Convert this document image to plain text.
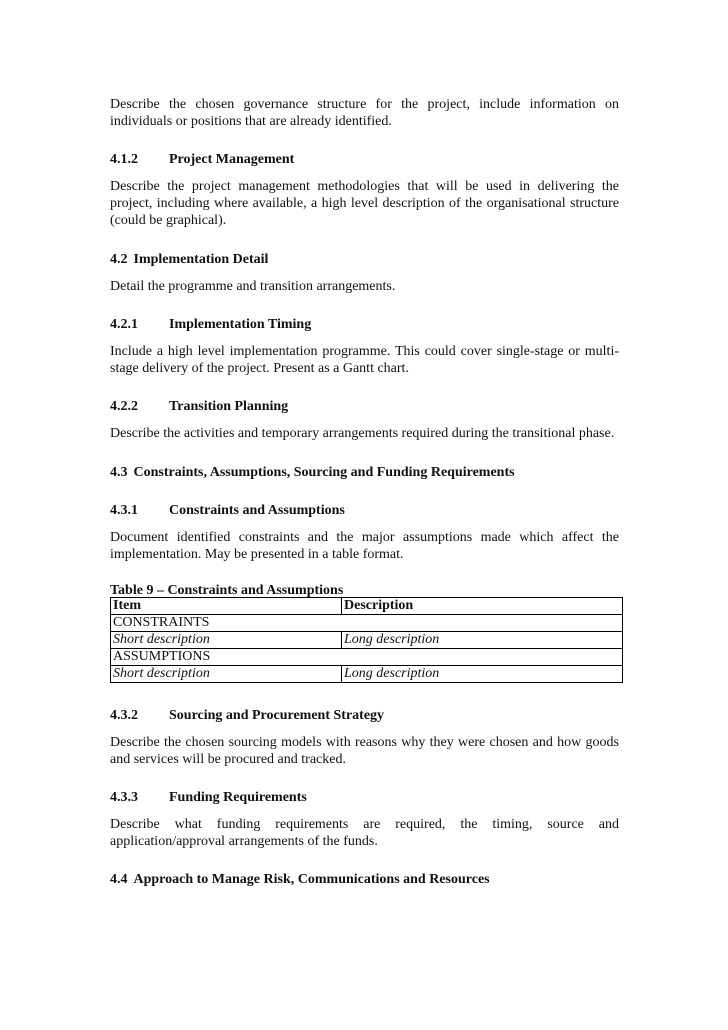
Describe the chosen governance structure for the project, include information on individuals or positions that are already identified.

4.1.2 Project Management

Describe the project management methodologies that will be used in delivering the project, including where available, a high level description of the organisational structure (could be graphical).

4.2 Implementation Detail

Detail the programme and transition arrangements.

4.2.1 Implementation Timing

Include a high level implementation programme. This could cover single-stage or multi-stage delivery of the project. Present as a Gantt chart.

4.2.2 Transition Planning

Describe the activities and temporary arrangements required during the transitional phase.

4.3 Constraints, Assumptions, Sourcing and Funding Requirements
4.3.1 Constraints and Assumptions

Document identified constraints and the major assumptions made which affect the implementation. May be presented in a table format.

Table 9 – Constraints and Assumptions

Item	Description
CONSTRAINTS	
Short description	Long description
ASSUMPTIONS	
Short description	Long description
4.3.2 Sourcing and Procurement Strategy

Describe the chosen sourcing models with reasons why they were chosen and how goods and services will be procured and tracked.

4.3.3 Funding Requirements

Describe what funding requirements are required, the timing, source and application/approval arrangements of the funds.

4.4 Approach to Manage Risk, Communications and Resources
